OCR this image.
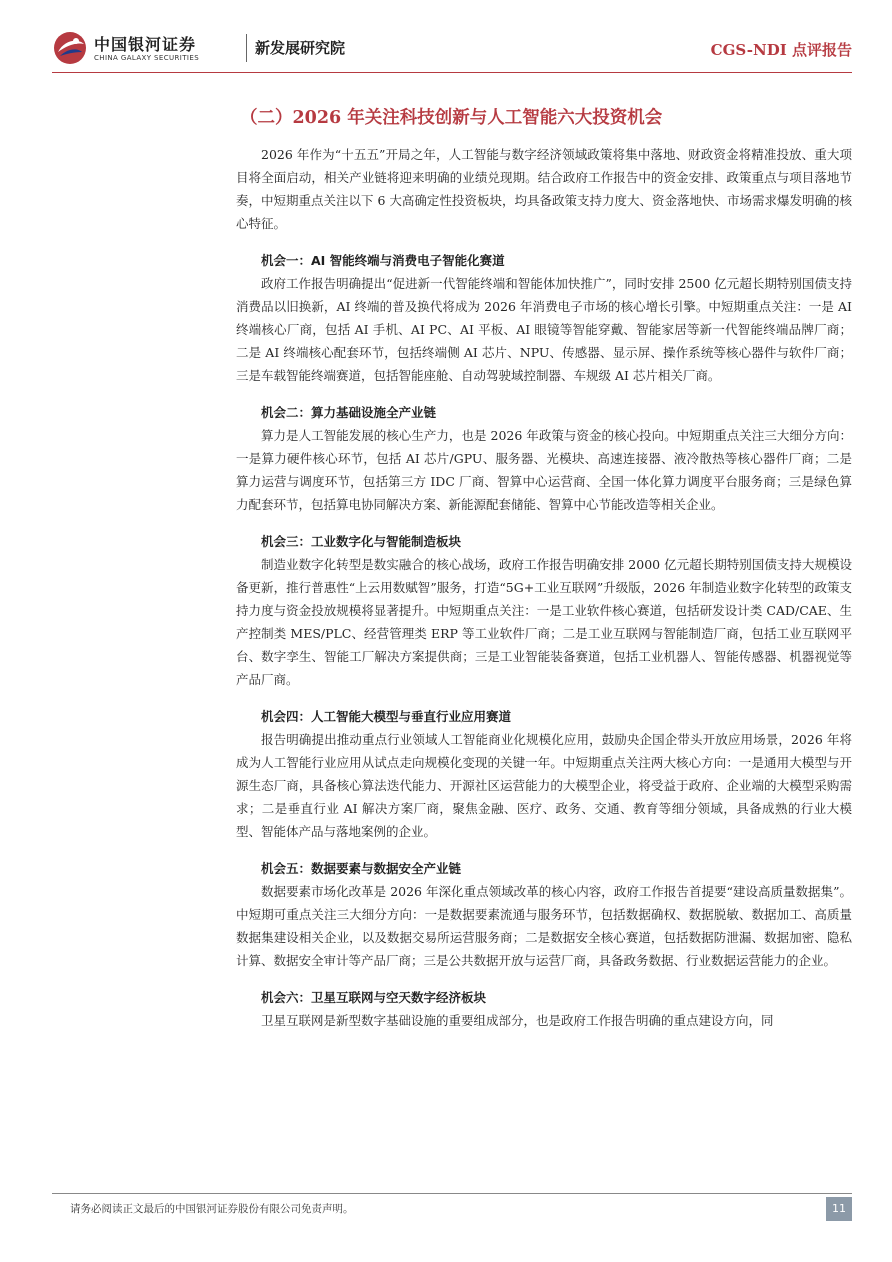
中国银河证券
CHINA GALAXY SECURITIES
新发展研究院	CGS-NDI 点评报告
（二）2026 年关注科技创新与人工智能六大投资机会

2026 年作为“十五五”开局之年，人工智能与数字经济领域政策将集中落地、财政资金将精准投放、重大项目将全面启动，相关产业链将迎来明确的业绩兑现期。结合政府工作报告中的资金安排、政策重点与项目落地节奏，中短期重点关注以下 6 大高确定性投资板块，均具备政策支持力度大、资金落地快、市场需求爆发明确的核心特征。

机会一：AI 智能终端与消费电子智能化赛道

政府工作报告明确提出“促进新一代智能终端和智能体加快推广”，同时安排 2500 亿元超长期特别国债支持消费品以旧换新，AI 终端的普及换代将成为 2026 年消费电子市场的核心增长引擎。中短期重点关注：一是 AI 终端核心厂商，包括 AI 手机、AI PC、AI 平板、AI 眼镜等智能穿戴、智能家居等新一代智能终端品牌厂商；二是 AI 终端核心配套环节，包括终端侧 AI 芯片、NPU、传感器、显示屏、操作系统等核心器件与软件厂商；三是车载智能终端赛道，包括智能座舱、自动驾驶域控制器、车规级 AI 芯片相关厂商。

机会二：算力基础设施全产业链

算力是人工智能发展的核心生产力，也是 2026 年政策与资金的核心投向。中短期重点关注三大细分方向：一是算力硬件核心环节，包括 AI 芯片/GPU、服务器、光模块、高速连接器、液冷散热等核心器件厂商；二是算力运营与调度环节，包括第三方 IDC 厂商、智算中心运营商、全国一体化算力调度平台服务商；三是绿色算力配套环节，包括算电协同解决方案、新能源配套储能、智算中心节能改造等相关企业。

机会三：工业数字化与智能制造板块

制造业数字化转型是数实融合的核心战场，政府工作报告明确安排 2000 亿元超长期特别国债支持大规模设备更新，推行普惠性“上云用数赋智”服务，打造“5G+工业互联网”升级版，2026 年制造业数字化转型的政策支持力度与资金投放规模将显著提升。中短期重点关注：一是工业软件核心赛道，包括研发设计类 CAD/CAE、生产控制类 MES/PLC、经营管理类 ERP 等工业软件厂商；二是工业互联网与智能制造厂商，包括工业互联网平台、数字孪生、智能工厂解决方案提供商；三是工业智能装备赛道，包括工业机器人、智能传感器、机器视觉等产品厂商。

机会四：人工智能大模型与垂直行业应用赛道

报告明确提出推动重点行业领域人工智能商业化规模化应用，鼓励央企国企带头开放应用场景，2026 年将成为人工智能行业应用从试点走向规模化变现的关键一年。中短期重点关注两大核心方向：一是通用大模型与开源生态厂商，具备核心算法迭代能力、开源社区运营能力的大模型企业，将受益于政府、企业端的大模型采购需求；二是垂直行业 AI 解决方案厂商，聚焦金融、医疗、政务、交通、教育等细分领域，具备成熟的行业大模型、智能体产品与落地案例的企业。

机会五：数据要素与数据安全产业链

数据要素市场化改革是 2026 年深化重点领域改革的核心内容，政府工作报告首提要“建设高质量数据集”。中短期可重点关注三大细分方向：一是数据要素流通与服务环节，包括数据确权、数据脱敏、数据加工、高质量数据集建设相关企业，以及数据交易所运营服务商；二是数据安全核心赛道，包括数据防泄漏、数据加密、隐私计算、数据安全审计等产品厂商；三是公共数据开放与运营厂商，具备政务数据、行业数据运营能力的企业。

机会六：卫星互联网与空天数字经济板块

卫星互联网是新型数字基础设施的重要组成部分，也是政府工作报告明确的重点建设方向，同

请务必阅读正文最后的中国银河证券股份有限公司免责声明。	11
